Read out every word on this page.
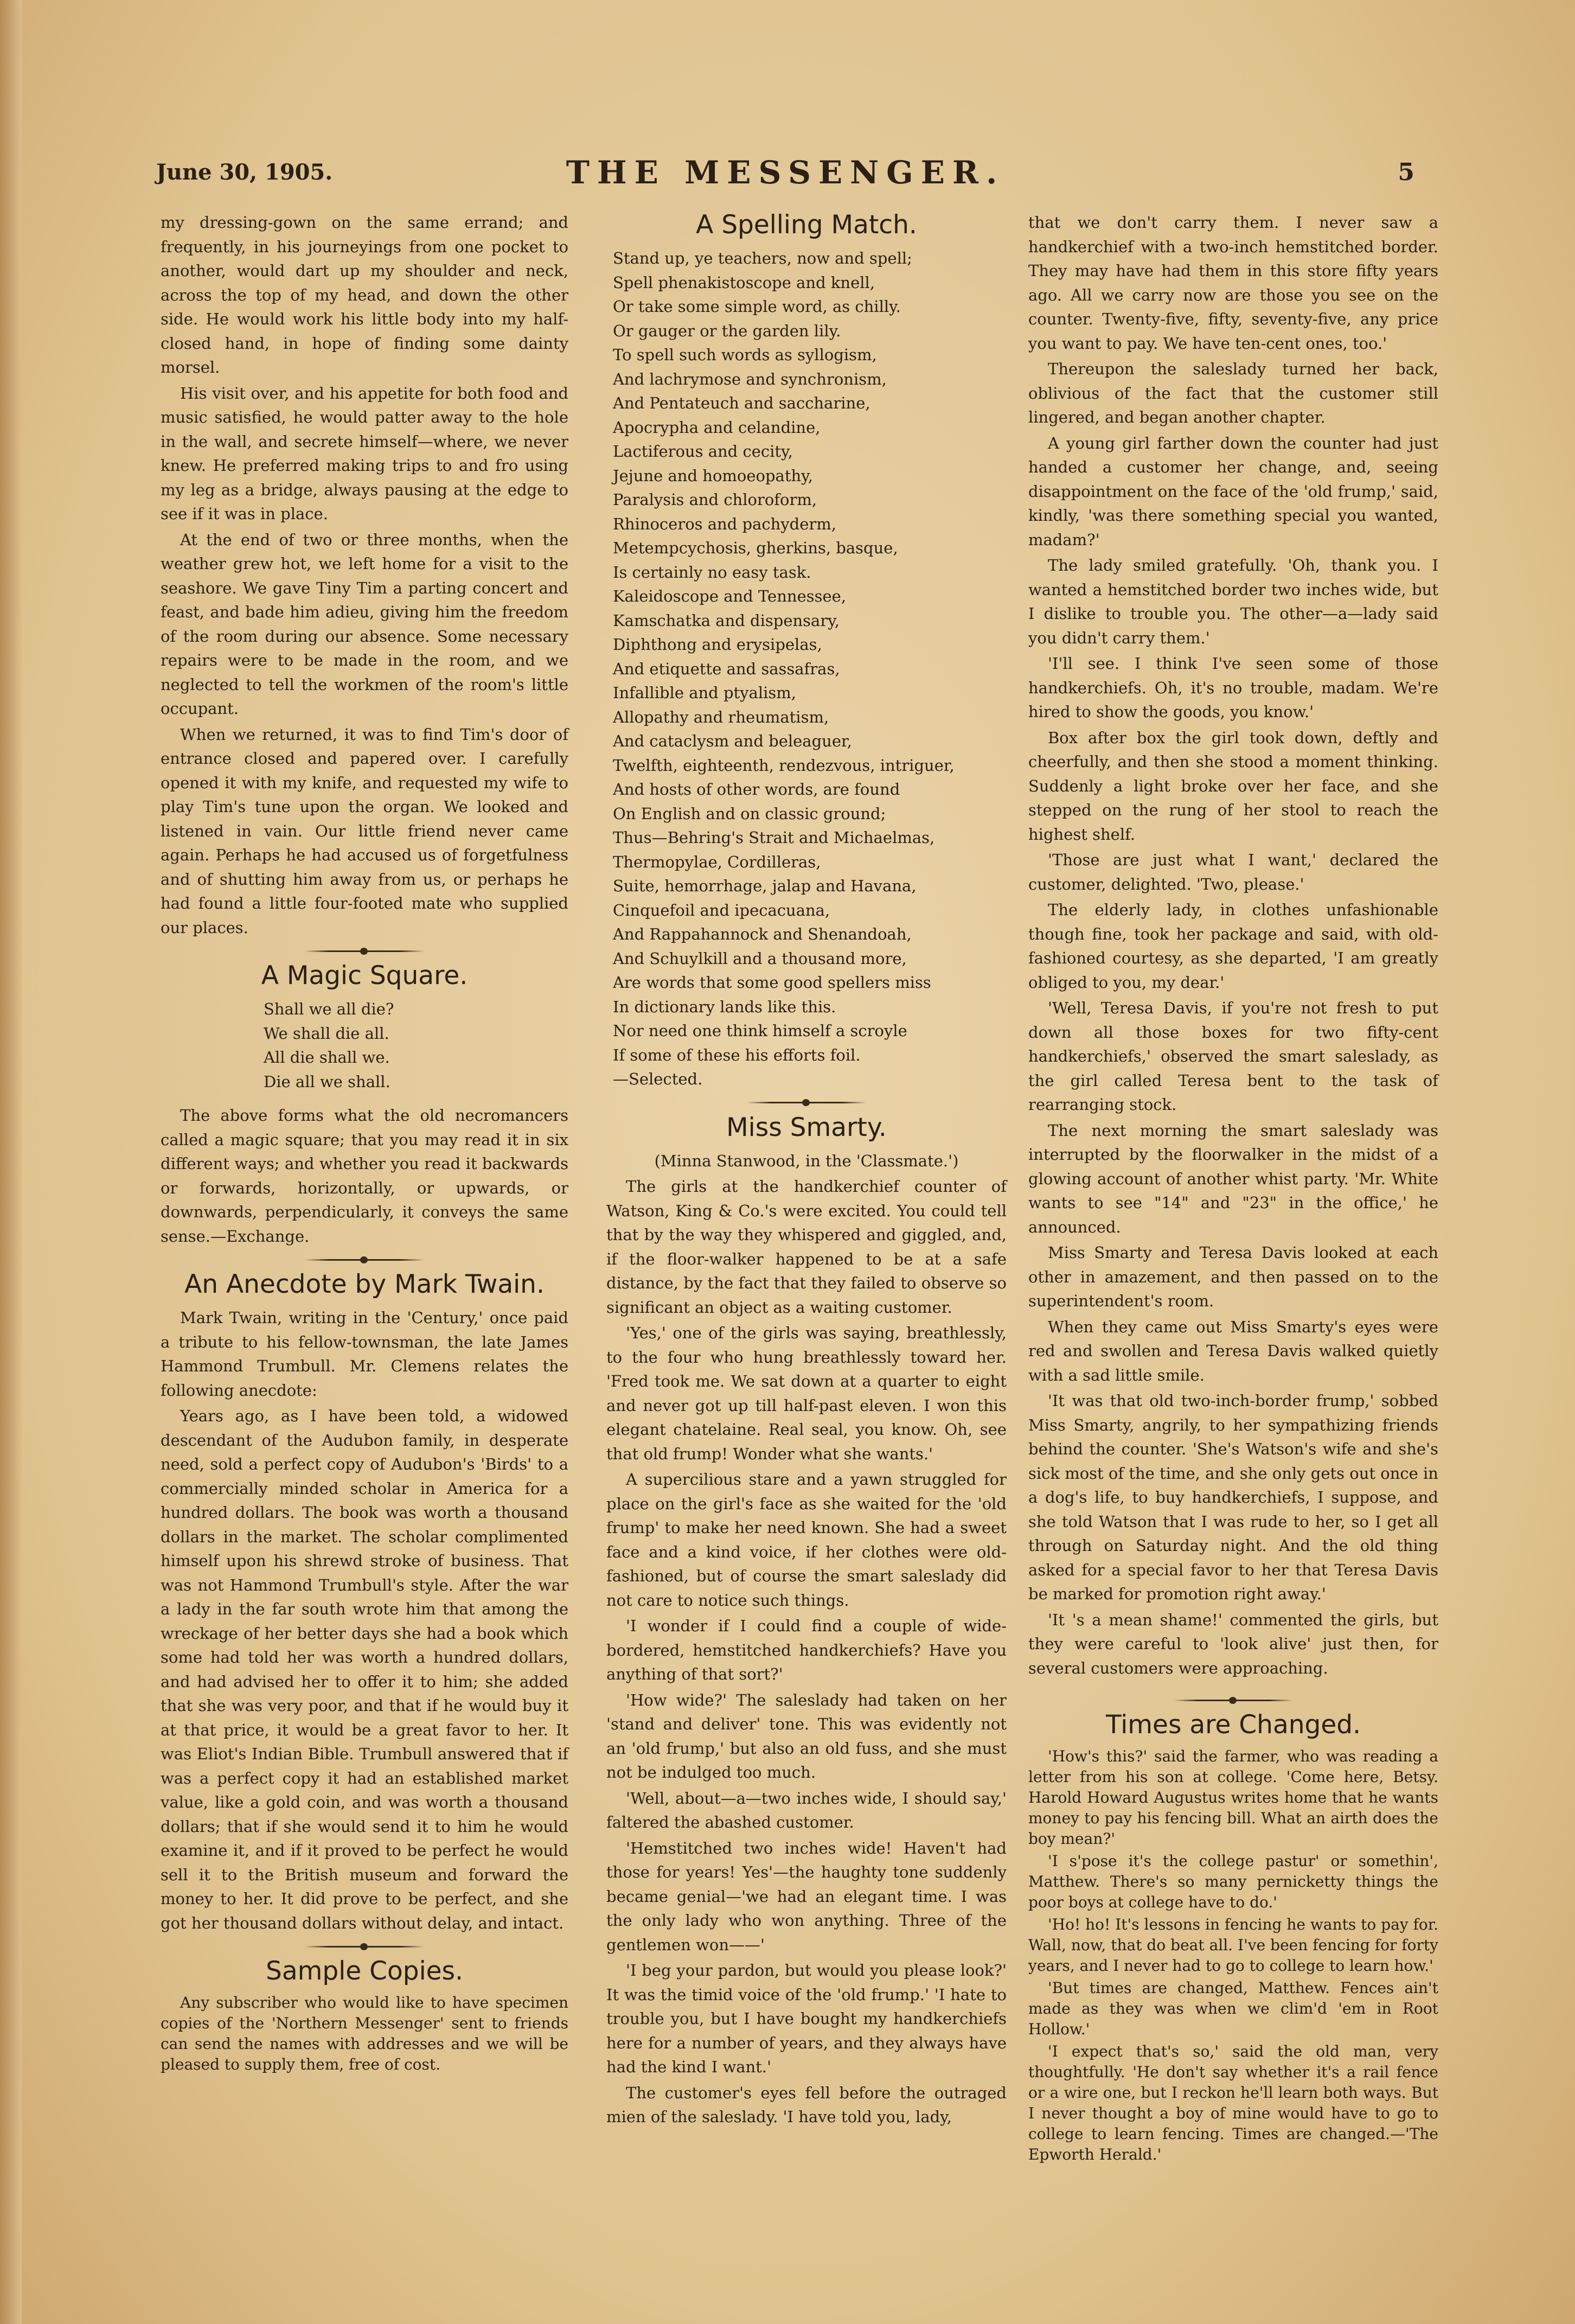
June 30, 1905.	THE MESSENGER.	5

my dressing-gown on the same errand; and frequently, in his journeyings from one pocket to another, would dart up my shoulder and neck, across the top of my head, and down the other side. He would work his little body into my half-closed hand, in hope of finding some dainty morsel.

His visit over, and his appetite for both food and music satisfied, he would patter away to the hole in the wall, and secrete himself—where, we never knew. He preferred making trips to and fro using my leg as a bridge, always pausing at the edge to see if it was in place.

At the end of two or three months, when the weather grew hot, we left home for a visit to the seashore. We gave Tiny Tim a parting concert and feast, and bade him adieu, giving him the freedom of the room during our absence. Some necessary repairs were to be made in the room, and we neglected to tell the workmen of the room's little occupant.

When we returned, it was to find Tim's door of entrance closed and papered over. I carefully opened it with my knife, and requested my wife to play Tim's tune upon the organ. We looked and listened in vain. Our little friend never came again. Perhaps he had accused us of forgetfulness and of shutting him away from us, or perhaps he had found a little four-footed mate who supplied our places.

A Magic Square.
Shall we all die?
We shall die all.
All die shall we.
Die all we shall.

The above forms what the old necromancers called a magic square; that you may read it in six different ways; and whether you read it backwards or forwards, horizontally, or upwards, or downwards, perpendicularly, it conveys the same sense.—Exchange.

An Anecdote by Mark Twain.

Mark Twain, writing in the 'Century,' once paid a tribute to his fellow-townsman, the late James Hammond Trumbull. Mr. Clemens relates the following anecdote:

Years ago, as I have been told, a widowed descendant of the Audubon family, in desperate need, sold a perfect copy of Audubon's 'Birds' to a commercially minded scholar in America for a hundred dollars. The book was worth a thousand dollars in the market. The scholar complimented himself upon his shrewd stroke of business. That was not Hammond Trumbull's style. After the war a lady in the far south wrote him that among the wreckage of her better days she had a book which some had told her was worth a hundred dollars, and had advised her to offer it to him; she added that she was very poor, and that if he would buy it at that price, it would be a great favor to her. It was Eliot's Indian Bible. Trumbull answered that if was a perfect copy it had an established market value, like a gold coin, and was worth a thousand dollars; that if she would send it to him he would examine it, and if it proved to be perfect he would sell it to the British museum and forward the money to her. It did prove to be perfect, and she got her thousand dollars without delay, and intact.

Sample Copies.

Any subscriber who would like to have specimen copies of the 'Northern Messenger' sent to friends can send the names with addresses and we will be pleased to supply them, free of cost.

A Spelling Match.
Stand up, ye teachers, now and spell;
Spell phenakistoscope and knell,
Or take some simple word, as chilly.
Or gauger or the garden lily.
To spell such words as syllogism,
And lachrymose and synchronism,
And Pentateuch and saccharine,
Apocrypha and celandine,
Lactiferous and cecity,
Jejune and homoeopathy,
Paralysis and chloroform,
Rhinoceros and pachyderm,
Metempcychosis, gherkins, basque,
Is certainly no easy task.
Kaleidoscope and Tennessee,
Kamschatka and dispensary,
Diphthong and erysipelas,
And etiquette and sassafras,
Infallible and ptyalism,
Allopathy and rheumatism,
And cataclysm and beleaguer,
Twelfth, eighteenth, rendezvous, intriguer,
And hosts of other words, are found
On English and on classic ground;
Thus—Behring's Strait and Michaelmas,
Thermopylae, Cordilleras,
Suite, hemorrhage, jalap and Havana,
Cinquefoil and ipecacuana,
And Rappahannock and Shenandoah,
And Schuylkill and a thousand more,
Are words that some good spellers miss
In dictionary lands like this.
Nor need one think himself a scroyle
If some of these his efforts foil.
—Selected.
Miss Smarty.

(Minna Stanwood, in the 'Classmate.')

The girls at the handkerchief counter of Watson, King & Co.'s were excited. You could tell that by the way they whispered and giggled, and, if the floor-walker happened to be at a safe distance, by the fact that they failed to observe so significant an object as a waiting customer.

'Yes,' one of the girls was saying, breathlessly, to the four who hung breathlessly toward her. 'Fred took me. We sat down at a quarter to eight and never got up till half-past eleven. I won this elegant chatelaine. Real seal, you know. Oh, see that old frump! Wonder what she wants.'

A supercilious stare and a yawn struggled for place on the girl's face as she waited for the 'old frump' to make her need known. She had a sweet face and a kind voice, if her clothes were old-fashioned, but of course the smart saleslady did not care to notice such things.

'I wonder if I could find a couple of wide-bordered, hemstitched handkerchiefs? Have you anything of that sort?'

'How wide?' The saleslady had taken on her 'stand and deliver' tone. This was evidently not an 'old frump,' but also an old fuss, and she must not be indulged too much.

'Well, about—a—two inches wide, I should say,' faltered the abashed customer.

'Hemstitched two inches wide! Haven't had those for years! Yes'—the haughty tone suddenly became genial—'we had an elegant time. I was the only lady who won anything. Three of the gentlemen won——'

'I beg your pardon, but would you please look?' It was the timid voice of the 'old frump.' 'I hate to trouble you, but I have bought my handkerchiefs here for a number of years, and they always have had the kind I want.'

The customer's eyes fell before the outraged mien of the saleslady. 'I have told you, lady,

that we don't carry them. I never saw a handkerchief with a two-inch hemstitched border. They may have had them in this store fifty years ago. All we carry now are those you see on the counter. Twenty-five, fifty, seventy-five, any price you want to pay. We have ten-cent ones, too.'

Thereupon the saleslady turned her back, oblivious of the fact that the customer still lingered, and began another chapter.

A young girl farther down the counter had just handed a customer her change, and, seeing disappointment on the face of the 'old frump,' said, kindly, 'was there something special you wanted, madam?'

The lady smiled gratefully. 'Oh, thank you. I wanted a hemstitched border two inches wide, but I dislike to trouble you. The other—a—lady said you didn't carry them.'

'I'll see. I think I've seen some of those handkerchiefs. Oh, it's no trouble, madam. We're hired to show the goods, you know.'

Box after box the girl took down, deftly and cheerfully, and then she stood a moment thinking. Suddenly a light broke over her face, and she stepped on the rung of her stool to reach the highest shelf.

'Those are just what I want,' declared the customer, delighted. 'Two, please.'

The elderly lady, in clothes unfashionable though fine, took her package and said, with old-fashioned courtesy, as she departed, 'I am greatly obliged to you, my dear.'

'Well, Teresa Davis, if you're not fresh to put down all those boxes for two fifty-cent handkerchiefs,' observed the smart saleslady, as the girl called Teresa bent to the task of rearranging stock.

The next morning the smart saleslady was interrupted by the floorwalker in the midst of a glowing account of another whist party. 'Mr. White wants to see "14" and "23" in the office,' he announced.

Miss Smarty and Teresa Davis looked at each other in amazement, and then passed on to the superintendent's room.

When they came out Miss Smarty's eyes were red and swollen and Teresa Davis walked quietly with a sad little smile.

'It was that old two-inch-border frump,' sobbed Miss Smarty, angrily, to her sympathizing friends behind the counter. 'She's Watson's wife and she's sick most of the time, and she only gets out once in a dog's life, to buy handkerchiefs, I suppose, and she told Watson that I was rude to her, so I get all through on Saturday night. And the old thing asked for a special favor to her that Teresa Davis be marked for promotion right away.'

'It 's a mean shame!' commented the girls, but they were careful to 'look alive' just then, for several customers were approaching.

Times are Changed.

'How's this?' said the farmer, who was reading a letter from his son at college. 'Come here, Betsy. Harold Howard Augustus writes home that he wants money to pay his fencing bill. What an airth does the boy mean?'

'I s'pose it's the college pastur' or somethin', Matthew. There's so many pernicketty things the poor boys at college have to do.'

'Ho! ho! It's lessons in fencing he wants to pay for. Wall, now, that do beat all. I've been fencing for forty years, and I never had to go to college to learn how.'

'But times are changed, Matthew. Fences ain't made as they was when we clim'd 'em in Root Hollow.'

'I expect that's so,' said the old man, very thoughtfully. 'He don't say whether it's a rail fence or a wire one, but I reckon he'll learn both ways. But I never thought a boy of mine would have to go to college to learn fencing. Times are changed.—'The Epworth Herald.'
